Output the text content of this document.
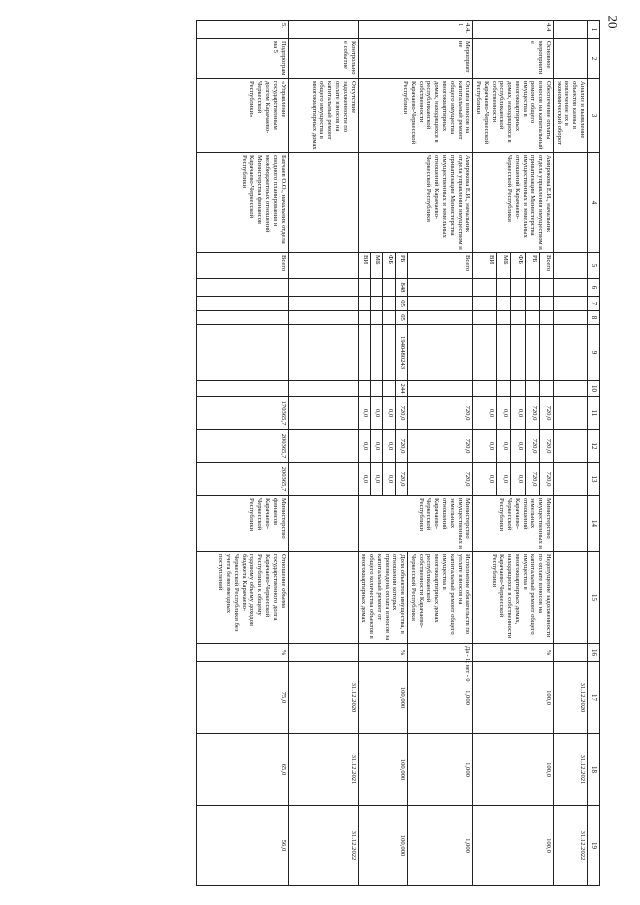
20
1	2	3	4	5	6	7	8	9	10	11	12	13	14	15	16	17	18	19
		Анализ и выявление объектов казны в вовлечение их в экономический оборот														31.12.2020	31.12.2021	31.12.2022
4.4	Основное мероприятие	Обеспечение оплаты взносов на капитальный ремонт общего имущества в многоквартирных домах, находящихся в республиканской собственности Карачаево-Черкесской Республики	Амирокова Е.И., начальник отдела управления имуществом и приватизации Министерства имущественных и земельных отношений Карачаево-Черкесской Республики	Всего						720,0	720,0	720,0	Министерство имущественных и земельных отношений Карачаево-Черкесской Республики	Недопущение задолженности по оплате взносов на капитальный ремонт общего имущества в многоквартирных домах, находящихся в собственности Карачаево-Черкесской Республики	%	100,0	100,0	100,0
				РБ						720,0	720,0	720,0						
				ФБ						0,0	0,0	0,0						
				МБ						0,0	0,0	0,0						
				ВИ						0,0	0,0	0,0						
4.4.1	Мероприятие	Оплата взносов на капитальный ремонт общего имущества многоквартирных домах, находящихся в республиканской собственности Карачаево-Черкесской Республики	Амирокова Е.И., начальник отдела управления имуществом и приватизации Министерства имущественных и земельных отношений Карачаево-Черкесской Республики	Всего						720,0	720,0	720,0	Министерство имущественных и земельных отношений Карачаево-Черкесской Республики	Исполнение обязательств по уплате взносов на капитальный ремонт общего имущества в многоквартирных домах республиканской собственности Карачаево-Черкесской Республики	Да - 1; нет - 0	1,000	1,000	1,000
				РБ	848	05	05	1940480243	244	720,0	720,0	720,0		Доля объектов имущества, в отношении которых произведена оплата взносов за капитальный ремонт от общего количества объектов в многоквартирных домах	%	100,000	100,000	100,000
				ФБ						0,0	0,0	0,0						
				МБ						0,0	0,0	0,0						
				ВИ						0,0	0,0	0,0						
	Контрольное событие	Отсутствие задолженности по оплате взносов на капитальный ремонт общего имущества в многоквартирных домах														31.12.2020	31.12.2021	31.12.2022
5.	Подпрограмма 5	«Управление государственным долгом Карачаево-Черкесской Республики»	Батчаев О.О., начальник отдела сводного планирования и межбюджетных отношений Министерства финансов Карачаево-Черкесской Республики	Всего						170365,7	200365,7	200365,7	Министерство финансов Карачаево-Черкесской Республики	Отношение объема государственного долга Карачаево-Черкесской Республики к общему годовому объему доходов бюджета Карачаево-Черкесской Республики без учета безвозмездных поступлений	%	75,0	65,0	56,0
